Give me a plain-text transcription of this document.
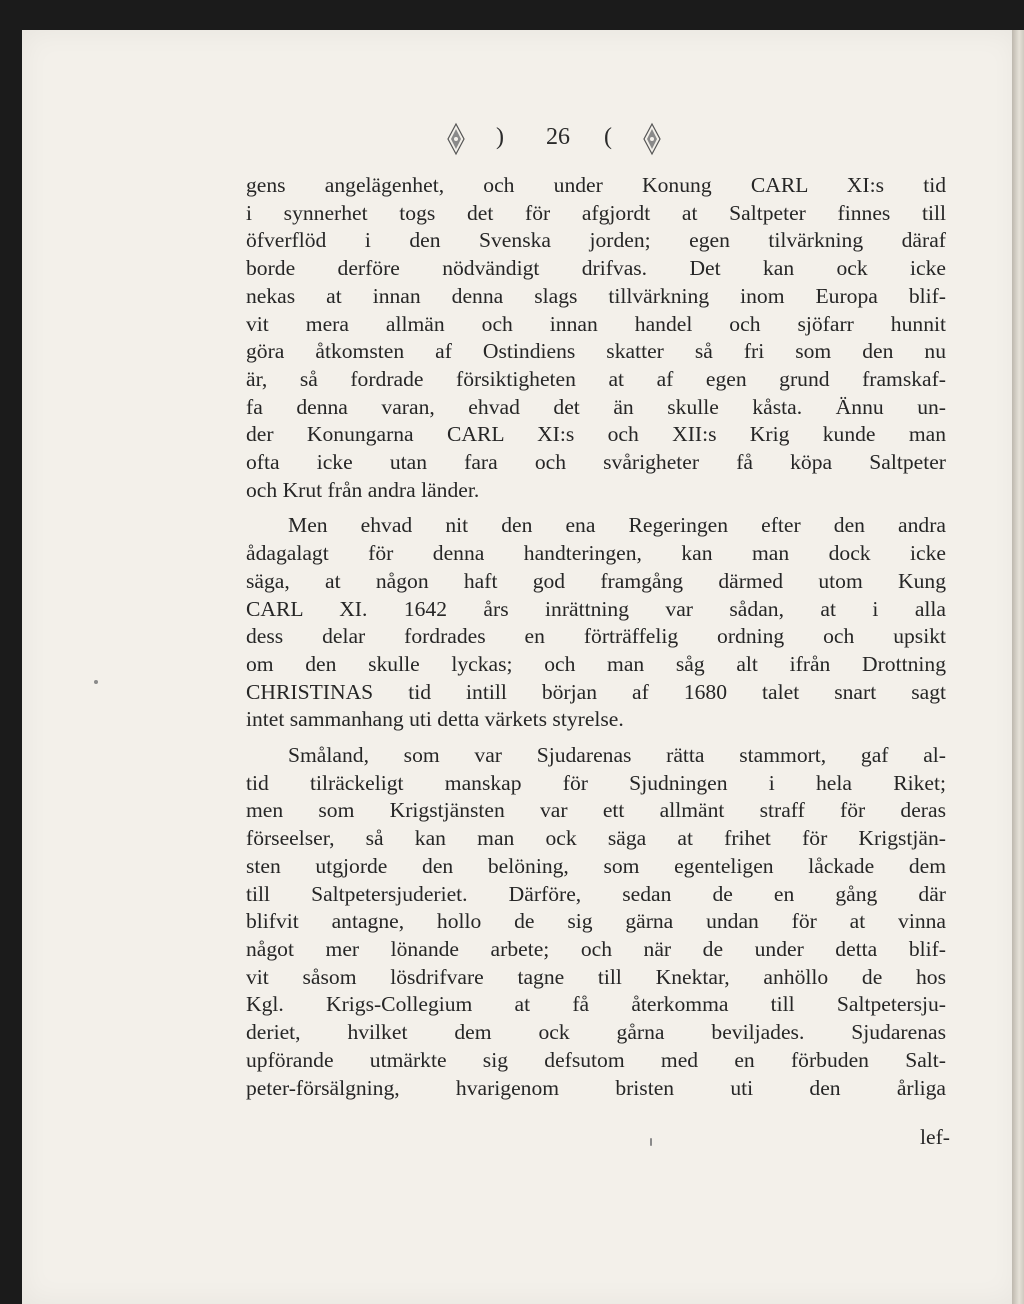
) 26 (
gens angelägenhet, och under Konung CARL XI:s tid
i synnerhet togs det för afgjordt at Saltpeter finnes till
öfverflöd i den Svenska jorden; egen tilvärkning däraf
borde derföre nödvändigt drifvas. Det kan ock icke
nekas at innan denna slags tillvärkning inom Europa blif-
vit mera allmän och innan handel och sjöfarr hunnit
göra åtkomsten af Ostindiens skatter så fri som den nu
är, så fordrade försiktigheten at af egen grund framskaf-
fa denna varan, ehvad det än skulle kåsta. Ännu un-
der Konungarna CARL XI:s och XII:s Krig kunde man
ofta icke utan fara och svårigheter få köpa Saltpeter
och Krut från andra länder.
Men ehvad nit den ena Regeringen efter den andra
ådagalagt för denna handteringen, kan man dock icke
säga, at någon haft god framgång därmed utom Kung
CARL XI. 1642 års inrättning var sådan, at i alla
dess delar fordrades en förträffelig ordning och upsikt
om den skulle lyckas; och man såg alt ifrån Drottning
CHRISTINAS tid intill början af 1680 talet snart sagt
intet sammanhang uti detta värkets styrelse.
Småland, som var Sjudarenas rätta stammort, gaf al-
tid tilräckeligt manskap för Sjudningen i hela Riket;
men som Krigstjänsten var ett allmänt straff för deras
förseelser, så kan man ock säga at frihet för Krigstjän-
sten utgjorde den belöning, som egenteligen låckade dem
till Saltpetersjuderiet. Därföre, sedan de en gång där
blifvit antagne, hollo de sig gärna undan för at vinna
något mer lönande arbete; och när de under detta blif-
vit såsom lösdrifvare tagne till Knektar, anhöllo de hos
Kgl. Krigs-Collegium at få återkomma till Saltpetersju-
deriet, hvilket dem ock gårna beviljades. Sjudarenas
upförande utmärkte sig defsutom med en förbuden Salt-
peter-försälgning, hvarigenom bristen uti den årliga
lef-
